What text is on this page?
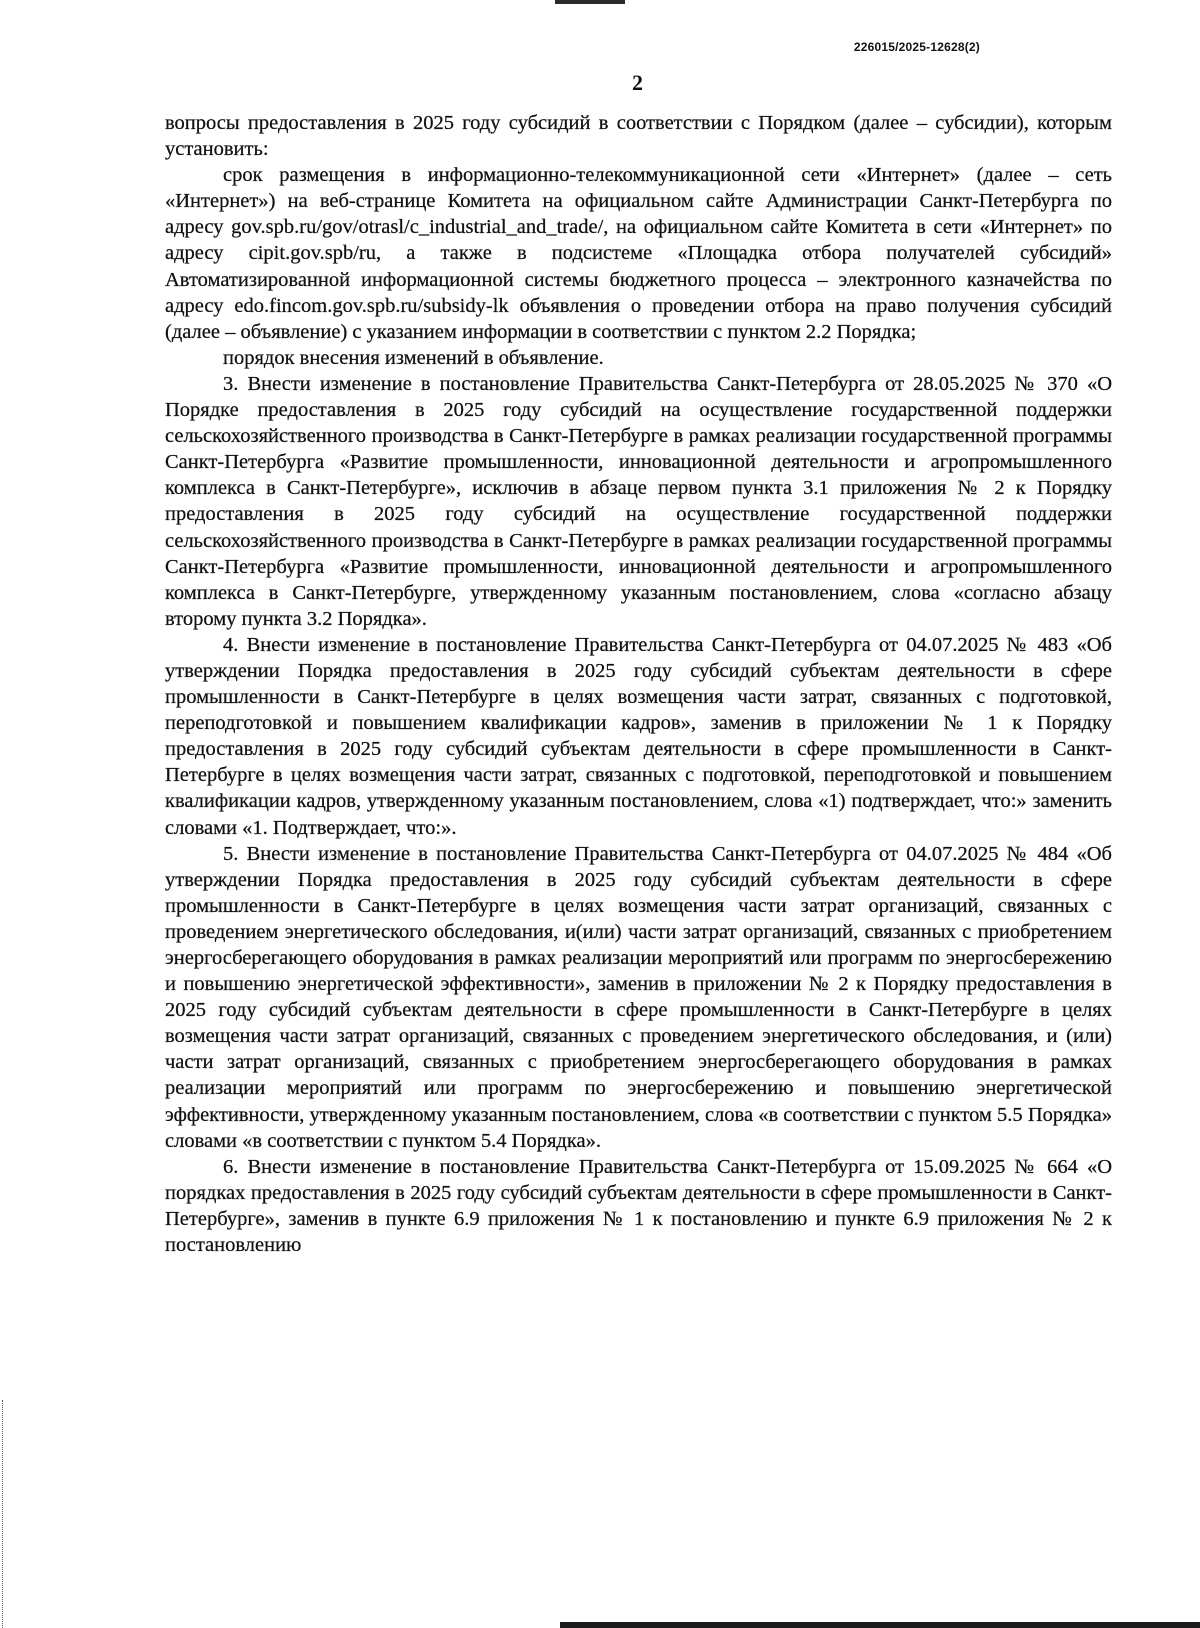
226015/2025-12628(2)
2

вопросы предоставления в 2025 году субсидий в соответствии с Порядком (далее – субсидии), которым установить:

срок размещения в информационно-телекоммуникационной сети «Интернет» (далее – сеть «Интернет») на веб-странице Комитета на официальном сайте Администрации Санкт-Петербурга по адресу gov.spb.ru/gov/otrasl/c_industrial_and_trade/, на официальном сайте Комитета в сети «Интернет» по адресу cipit.gov.spb/ru, а также в подсистеме «Площадка отбора получателей субсидий» Автоматизированной информационной системы бюджетного процесса – электронного казначейства по адресу edo.fincom.gov.spb.ru/subsidy-lk объявления о проведении отбора на право получения субсидий (далее – объявление) с указанием информации в соответствии с пунктом 2.2 Порядка;

порядок внесения изменений в объявление.

3. Внести изменение в постановление Правительства Санкт-Петербурга от 28.05.2025 № 370 «О Порядке предоставления в 2025 году субсидий на осуществление государственной поддержки сельскохозяйственного производства в Санкт-Петербурге в рамках реализации государственной программы Санкт-Петербурга «Развитие промышленности, инновационной деятельности и агропромышленного комплекса в Санкт-Петербурге», исключив в абзаце первом пункта 3.1 приложения № 2 к Порядку предоставления в 2025 году субсидий на осуществление государственной поддержки сельскохозяйственного производства в Санкт-Петербурге в рамках реализации государственной программы Санкт-Петербурга «Развитие промышленности, инновационной деятельности и агропромышленного комплекса в Санкт-Петербурге, утвержденному указанным постановлением, слова «согласно абзацу второму пункта 3.2 Порядка».

4. Внести изменение в постановление Правительства Санкт-Петербурга от 04.07.2025 № 483 «Об утверждении Порядка предоставления в 2025 году субсидий субъектам деятельности в сфере промышленности в Санкт-Петербурге в целях возмещения части затрат, связанных с подготовкой, переподготовкой и повышением квалификации кадров», заменив в приложении № 1 к Порядку предоставления в 2025 году субсидий субъектам деятельности в сфере промышленности в Санкт-Петербурге в целях возмещения части затрат, связанных с подготовкой, переподготовкой и повышением квалификации кадров, утвержденному указанным постановлением, слова «1) подтверждает, что:» заменить словами «1. Подтверждает, что:».

5. Внести изменение в постановление Правительства Санкт-Петербурга от 04.07.2025 № 484 «Об утверждении Порядка предоставления в 2025 году субсидий субъектам деятельности в сфере промышленности в Санкт-Петербурге в целях возмещения части затрат организаций, связанных с проведением энергетического обследования, и(или) части затрат организаций, связанных с приобретением энергосберегающего оборудования в рамках реализации мероприятий или программ по энергосбережению и повышению энергетической эффективности», заменив в приложении № 2 к Порядку предоставления в 2025 году субсидий субъектам деятельности в сфере промышленности в Санкт-Петербурге в целях возмещения части затрат организаций, связанных с проведением энергетического обследования, и (или) части затрат организаций, связанных с приобретением энергосберегающего оборудования в рамках реализации мероприятий или программ по энергосбережению и повышению энергетической эффективности, утвержденному указанным постановлением, слова «в соответствии с пунктом 5.5 Порядка» словами «в соответствии с пунктом 5.4 Порядка».

6. Внести изменение в постановление Правительства Санкт-Петербурга от 15.09.2025 № 664 «О порядках предоставления в 2025 году субсидий субъектам деятельности в сфере промышленности в Санкт-Петербурге», заменив в пункте 6.9 приложения № 1 к постановлению и пункте 6.9 приложения № 2 к постановлению
